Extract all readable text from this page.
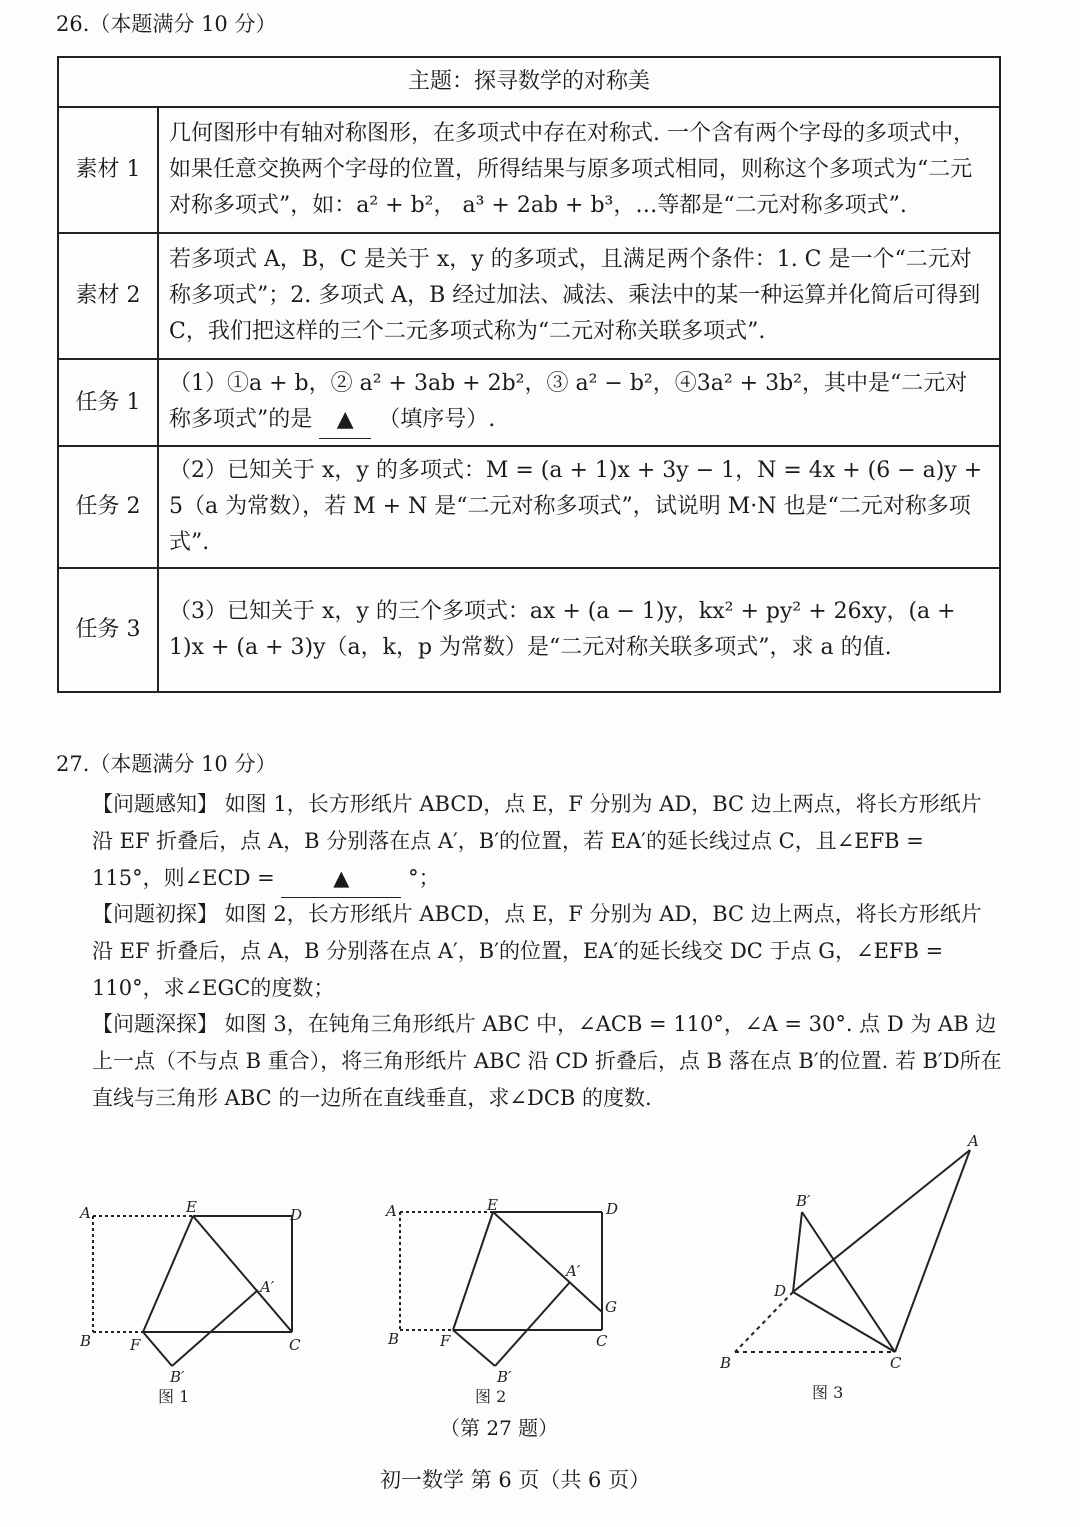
26.（本题满分 10 分）
主题：探寻数学的对称美	
素材 1	几何图形中有轴对称图形，在多项式中存在对称式. 一个含有两个字母的多项式中，如果任意交换两个字母的位置，所得结果与原多项式相同，则称这个多项式为“二元对称多项式”，如：a² + b²， a³ + 2ab + b³，…等都是“二元对称多项式”.
素材 2	若多项式 A，B，C 是关于 x，y 的多项式，且满足两个条件：1. C 是一个“二元对称多项式”；2. 多项式 A，B 经过加法、减法、乘法中的某一种运算并化简后可得到 C，我们把这样的三个二元多项式称为“二元对称关联多项式”.
任务 1	（1）①a + b，② a² + 3ab + 2b²，③ a² − b²，④3a² + 3b²，其中是“二元对称多项式”的是 ▲ （填序号）.
任务 2	（2）已知关于 x，y 的多项式：M = (a + 1)x + 3y − 1，N = 4x + (6 − a)y + 5（a 为常数），若 M + N 是“二元对称多项式”，试说明 M·N 也是“二元对称多项式”.
任务 3	（3）已知关于 x，y 的三个多项式：ax + (a − 1)y，kx² + py² + 26xy，(a + 1)x + (a + 3)y（a，k，p 为常数）是“二元对称关联多项式”，求 a 的值.
27.（本题满分 10 分）
【问题感知】 如图 1，长方形纸片 ABCD，点 E，F 分别为 AD，BC 边上两点，将长方形纸片沿 EF 折叠后，点 A，B 分别落在点 A′，B′的位置，若 EA′的延长线过点 C，且∠EFB = 115°，则∠ECD =	▲	°；
【问题初探】 如图 2，长方形纸片 ABCD，点 E，F 分别为 AD，BC 边上两点，将长方形纸片沿 EF 折叠后，点 A，B 分别落在点 A′，B′的位置，EA′的延长线交 DC 于点 G，∠EFB = 110°，求∠EGC的度数；
【问题深探】 如图 3，在钝角三角形纸片 ABC 中，∠ACB = 110°，∠A = 30°. 点 D 为 AB 边上一点（不与点 B 重合），将三角形纸片 ABC 沿 CD 折叠后，点 B 落在点 B′的位置. 若 B′D所在直线与三角形 ABC 的一边所在直线垂直，求∠DCB 的度数.
A	E	D
A′
B	F	C
B′
图 1
A	E	D
A′
G
B	F	C
B′
图 2
A
B′
D
B	C
图 3
（第 27 题）
初一数学 第 6 页（共 6 页）
